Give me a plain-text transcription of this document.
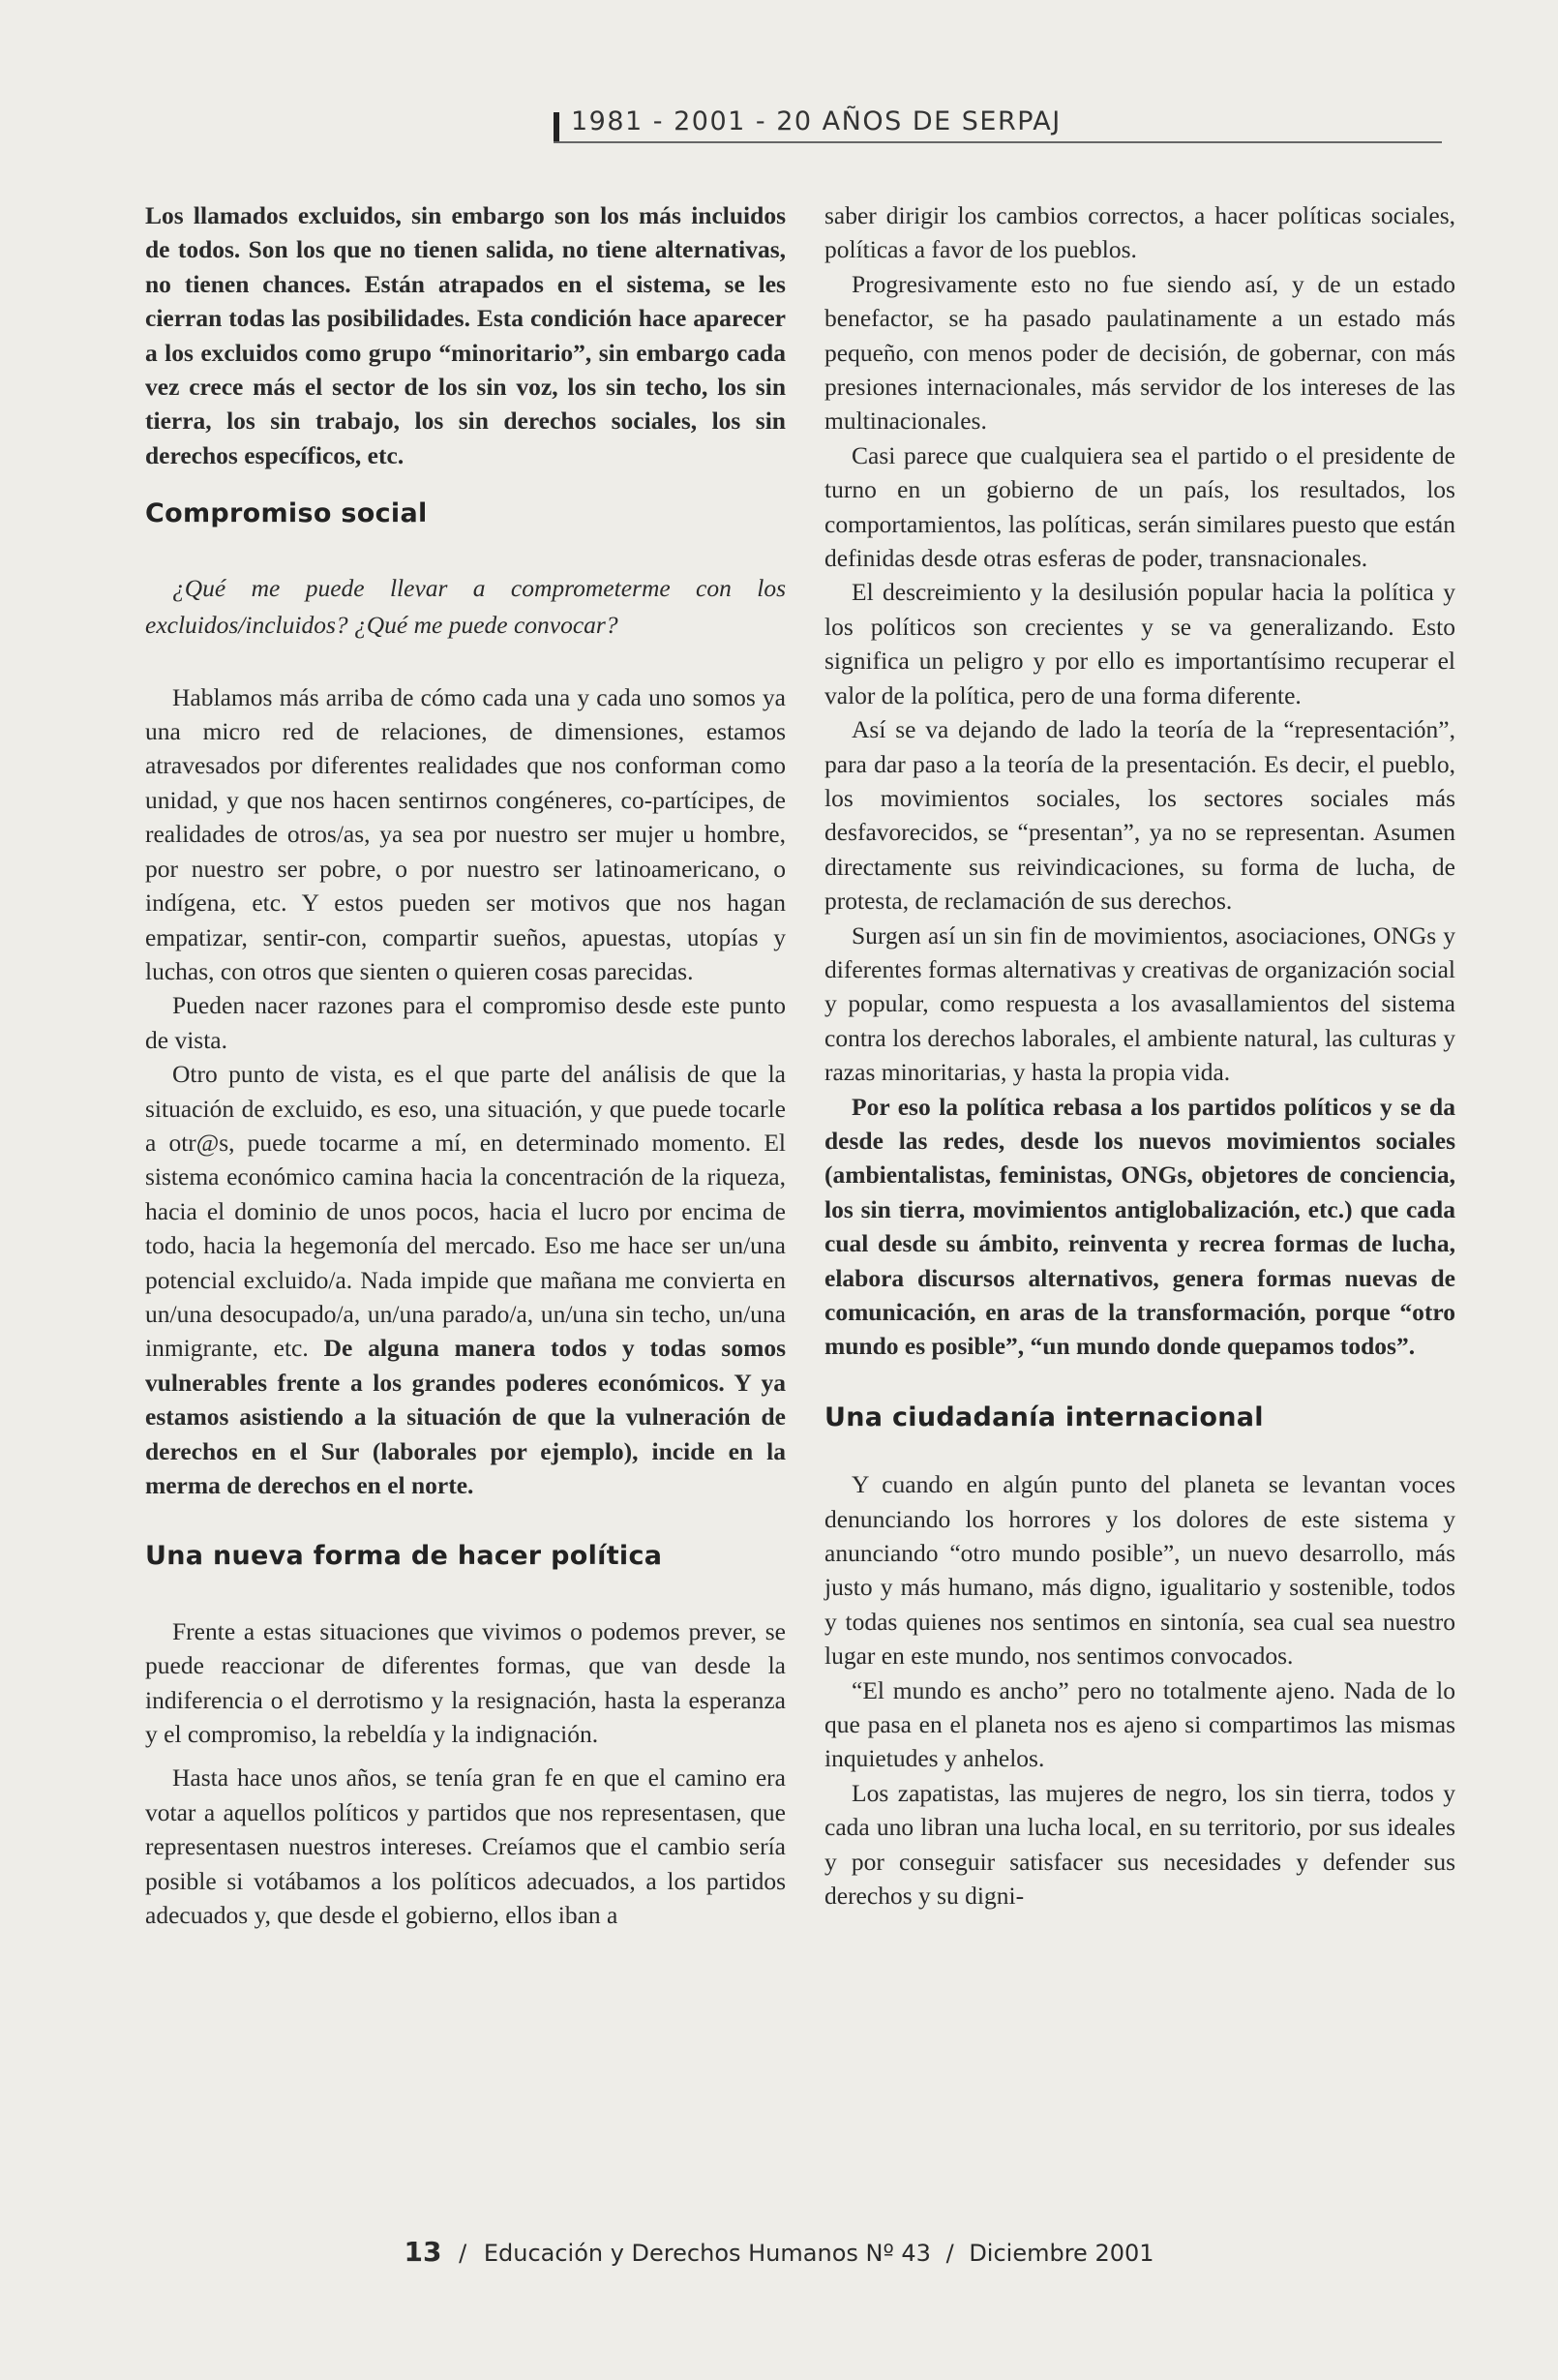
1981 - 2001 - 20 AÑOS DE SERPAJ

Los llamados excluidos, sin embargo son los más incluidos de todos. Son los que no tienen salida, no tiene alternativas, no tienen chances. Están atrapados en el sistema, se les cierran todas las posibilidades. Esta condición hace aparecer a los excluidos como grupo “minoritario”, sin embargo cada vez crece más el sector de los sin voz, los sin techo, los sin tierra, los sin trabajo, los sin derechos sociales, los sin derechos específicos, etc.

Compromiso social

¿Qué me puede llevar a comprometerme con los excluidos/incluidos? ¿Qué me puede convocar?

Hablamos más arriba de cómo cada una y cada uno somos ya una micro red de relaciones, de dimensiones, estamos atravesados por diferentes realidades que nos conforman como unidad, y que nos hacen sentirnos congéneres, co-partícipes, de realidades de otros/as, ya sea por nuestro ser mujer u hombre, por nuestro ser pobre, o por nuestro ser latinoamericano, o indígena, etc. Y estos pueden ser motivos que nos hagan empatizar, sentir-con, compartir sueños, apuestas, utopías y luchas, con otros que sienten o quieren cosas parecidas.

Pueden nacer razones para el compromiso desde este punto de vista.

Otro punto de vista, es el que parte del análisis de que la situación de excluido, es eso, una situación, y que puede tocarle a otr@s, puede tocarme a mí, en determinado momento. El sistema económico camina hacia la concentración de la riqueza, hacia el dominio de unos pocos, hacia el lucro por encima de todo, hacia la hegemonía del mercado. Eso me hace ser un/una potencial excluido/a. Nada impide que mañana me convierta en un/una desocupado/a, un/una parado/a, un/una sin techo, un/una inmigrante, etc. De alguna manera todos y todas somos vulnerables frente a los grandes poderes económicos. Y ya estamos asistiendo a la situación de que la vulneración de derechos en el Sur (laborales por ejemplo), incide en la merma de derechos en el norte.

Una nueva forma de hacer política

Frente a estas situaciones que vivimos o podemos prever, se puede reaccionar de diferentes formas, que van desde la indiferencia o el derrotismo y la resignación, hasta la esperanza y el compromiso, la rebeldía y la indignación.

Hasta hace unos años, se tenía gran fe en que el camino era votar a aquellos políticos y partidos que nos representasen, que representasen nuestros intereses. Creíamos que el cambio sería posible si votábamos a los políticos adecuados, a los partidos adecuados y, que desde el gobierno, ellos iban a

saber dirigir los cambios correctos, a hacer políticas sociales, políticas a favor de los pueblos.

Progresivamente esto no fue siendo así, y de un estado benefactor, se ha pasado paulatinamente a un estado más pequeño, con menos poder de decisión, de gobernar, con más presiones internacionales, más servidor de los intereses de las multinacionales.

Casi parece que cualquiera sea el partido o el presidente de turno en un gobierno de un país, los resultados, los comportamientos, las políticas, serán similares puesto que están definidas desde otras esferas de poder, transnacionales.

El descreimiento y la desilusión popular hacia la política y los políticos son crecientes y se va generalizando. Esto significa un peligro y por ello es importantísimo recuperar el valor de la política, pero de una forma diferente.

Así se va dejando de lado la teoría de la “representación”, para dar paso a la teoría de la presentación. Es decir, el pueblo, los movimientos sociales, los sectores sociales más desfavorecidos, se “presentan”, ya no se representan. Asumen directamente sus reivindicaciones, su forma de lucha, de protesta, de reclamación de sus derechos.

Surgen así un sin fin de movimientos, asociaciones, ONGs y diferentes formas alternativas y creativas de organización social y popular, como respuesta a los avasallamientos del sistema contra los derechos laborales, el ambiente natural, las culturas y razas minoritarias, y hasta la propia vida.

Por eso la política rebasa a los partidos políticos y se da desde las redes, desde los nuevos movimientos sociales (ambientalistas, feministas, ONGs, objetores de conciencia, los sin tierra, movimientos antiglobalización, etc.) que cada cual desde su ámbito, reinventa y recrea formas de lucha, elabora discursos alternativos, genera formas nuevas de comunicación, en aras de la transformación, porque “otro mundo es posible”, “un mundo donde quepamos todos”.

Una ciudadanía internacional

Y cuando en algún punto del planeta se levantan voces denunciando los horrores y los dolores de este sistema y anunciando “otro mundo posible”, un nuevo desarrollo, más justo y más humano, más digno, igualitario y sostenible, todos y todas quienes nos sentimos en sintonía, sea cual sea nuestro lugar en este mundo, nos sentimos convocados.

“El mundo es ancho” pero no totalmente ajeno. Nada de lo que pasa en el planeta nos es ajeno si compartimos las mismas inquietudes y anhelos.

Los zapatistas, las mujeres de negro, los sin tierra, todos y cada uno libran una lucha local, en su territorio, por sus ideales y por conseguir satisfacer sus necesidades y defender sus derechos y su digni-

13 / Educación y Derechos Humanos Nº 43 / Diciembre 2001
